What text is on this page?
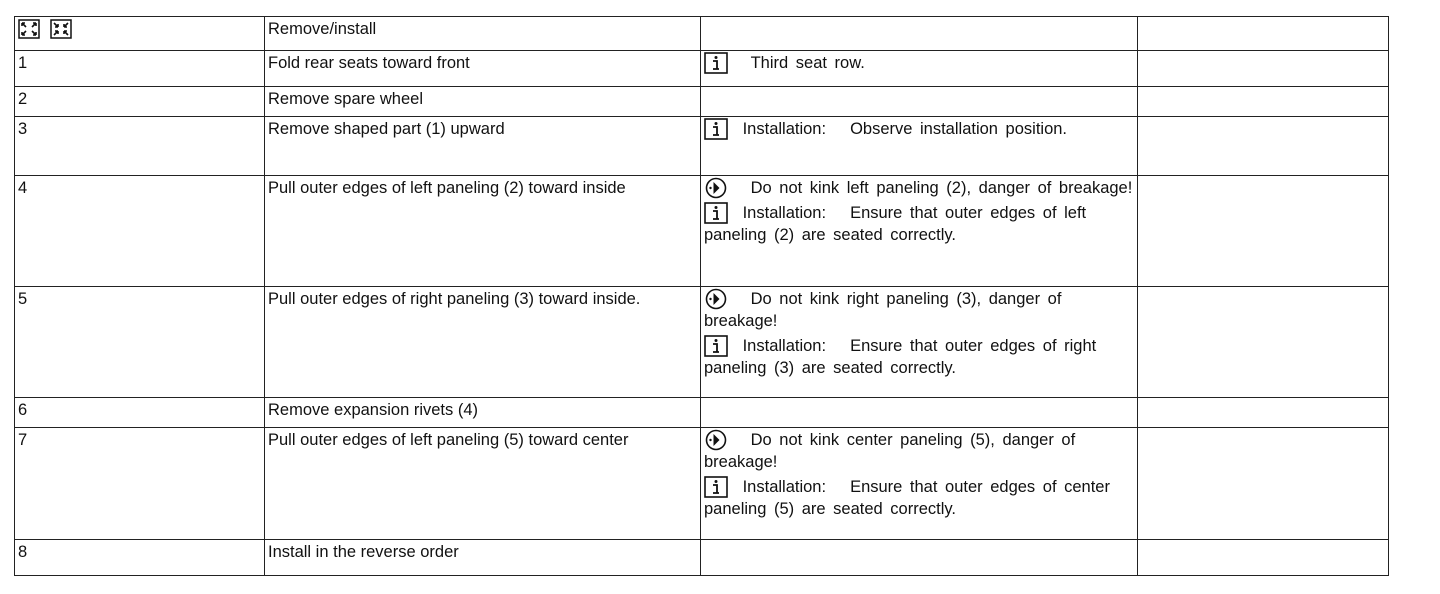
	Remove/install		
1	Fold rear seats toward front	Third seat row.	

2	Remove spare wheel		
3	Remove shaped part (1) upward	Installation: Observe installation position.	

4	Pull outer edges of left paneling (2) toward inside	Do not kink left paneling (2), danger of breakage!

Installation: Ensure that outer edges of left paneling (2) are seated correctly.	

5	Pull outer edges of right paneling (3) toward inside.	Do not kink right paneling (3), danger of breakage!

Installation: Ensure that outer edges of right paneling (3) are seated correctly.	

6	Remove expansion rivets (4)		
7	Pull outer edges of left paneling (5) toward center	Do not kink center paneling (5), danger of breakage!

Installation: Ensure that outer edges of center paneling (5) are seated correctly.	

8	Install in the reverse order		
